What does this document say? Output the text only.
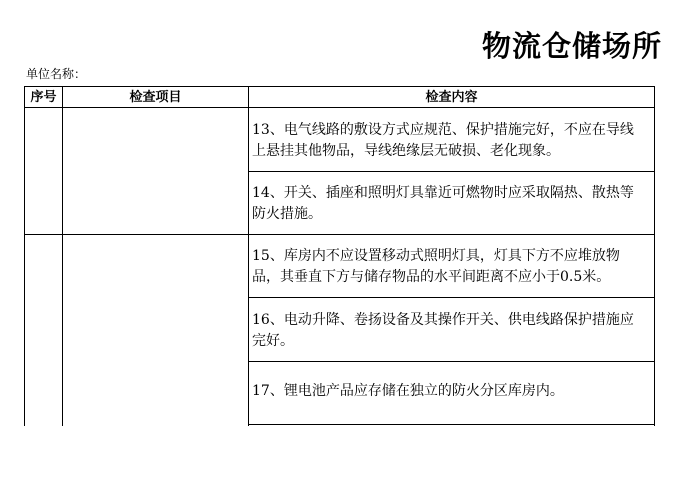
物流仓储场所
单位名称：
序号	检查项目	检查内容
13、电气线路的敷设方式应规范、保护措施完好，不应在导线上悬挂其他物品，导线绝缘层无破损、老化现象。
14、开关、插座和照明灯具靠近可燃物时应采取隔热、散热等防火措施。
15、库房内不应设置移动式照明灯具，灯具下方不应堆放物品，其垂直下方与储存物品的水平间距离不应小于0.5米。
16、电动升降、卷扬设备及其操作开关、供电线路保护措施应完好。
17、锂电池产品应存储在独立的防火分区库房内。
